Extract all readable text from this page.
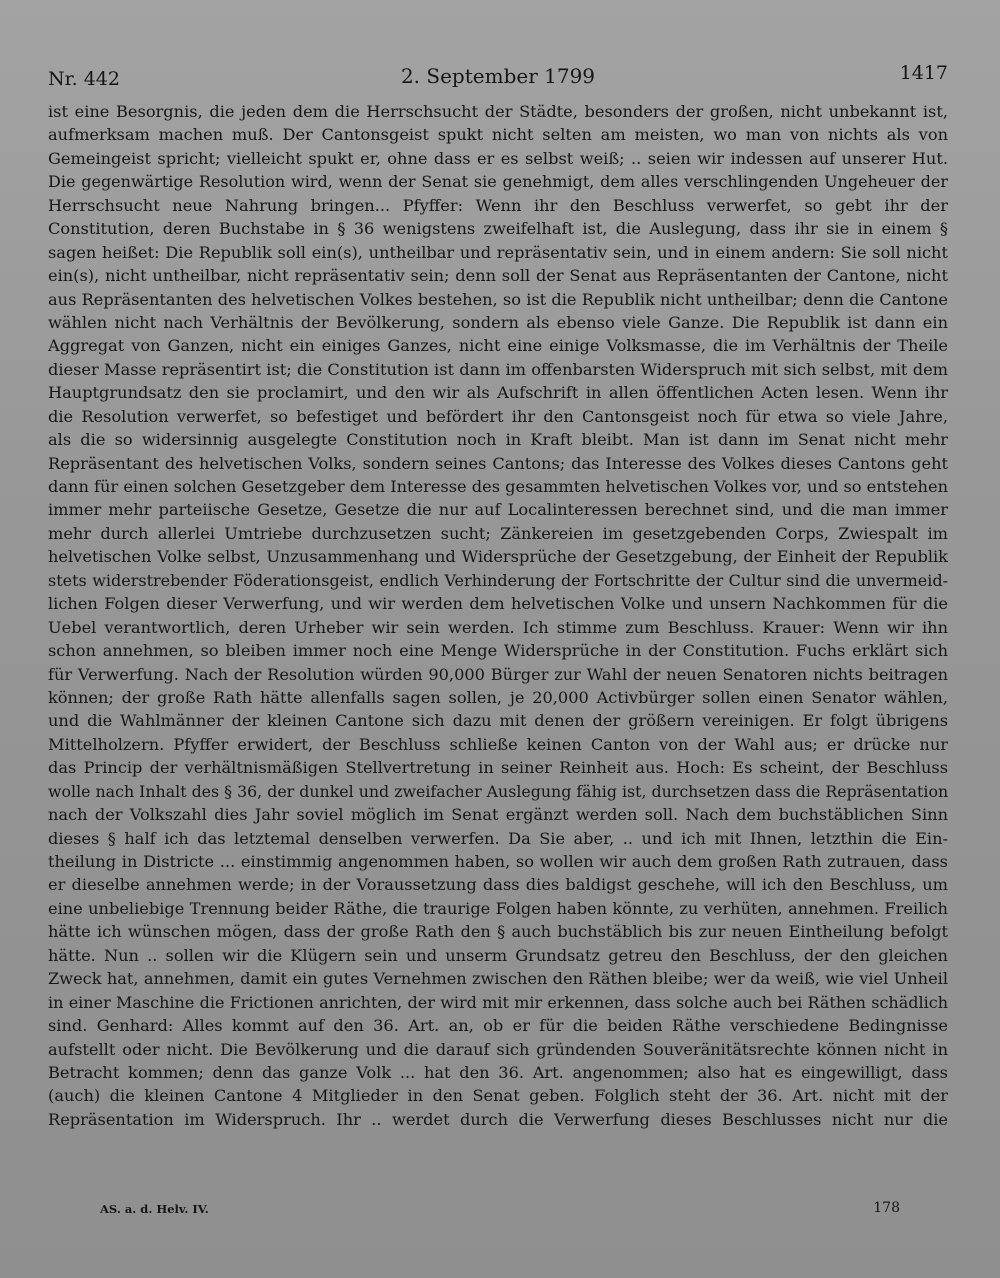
Nr. 442	2. September 1799	1417
ist eine Besorgnis, die jeden dem die Herrschsucht der Städte, besonders der großen, nicht unbekannt ist,
aufmerksam machen muß. Der Cantonsgeist spukt nicht selten am meisten, wo man von nichts als von
Gemeingeist spricht; vielleicht spukt er, ohne dass er es selbst weiß; .. seien wir indessen auf unserer Hut.
Die gegenwärtige Resolution wird, wenn der Senat sie genehmigt, dem alles verschlingenden Ungeheuer der
Herrschsucht neue Nahrung bringen... Pfyffer: Wenn ihr den Beschluss verwerfet, so gebt ihr der
Constitution, deren Buchstabe in § 36 wenigstens zweifelhaft ist, die Auslegung, dass ihr sie in einem §
sagen heißet: Die Republik soll ein(s), untheilbar und repräsentativ sein, und in einem andern: Sie soll nicht
ein(s), nicht untheilbar, nicht repräsentativ sein; denn soll der Senat aus Repräsentanten der Cantone, nicht
aus Repräsentanten des helvetischen Volkes bestehen, so ist die Republik nicht untheilbar; denn die Cantone
wählen nicht nach Verhältnis der Bevölkerung, sondern als ebenso viele Ganze. Die Republik ist dann ein
Aggregat von Ganzen, nicht ein einiges Ganzes, nicht eine einige Volksmasse, die im Verhältnis der Theile
dieser Masse repräsentirt ist; die Constitution ist dann im offenbarsten Widerspruch mit sich selbst, mit dem
Hauptgrundsatz den sie proclamirt, und den wir als Aufschrift in allen öffentlichen Acten lesen. Wenn ihr
die Resolution verwerfet, so befestiget und befördert ihr den Cantonsgeist noch für etwa so viele Jahre,
als die so widersinnig ausgelegte Constitution noch in Kraft bleibt. Man ist dann im Senat nicht mehr
Repräsentant des helvetischen Volks, sondern seines Cantons; das Interesse des Volkes dieses Cantons geht
dann für einen solchen Gesetzgeber dem Interesse des gesammten helvetischen Volkes vor, und so entstehen
immer mehr parteiische Gesetze, Gesetze die nur auf Localinteressen berechnet sind, und die man immer
mehr durch allerlei Umtriebe durchzusetzen sucht; Zänkereien im gesetzgebenden Corps, Zwiespalt im
helvetischen Volke selbst, Unzusammenhang und Widersprüche der Gesetzgebung, der Einheit der Republik
stets widerstrebender Föderationsgeist, endlich Verhinderung der Fortschritte der Cultur sind die unvermeid-
lichen Folgen dieser Verwerfung, und wir werden dem helvetischen Volke und unsern Nachkommen für die
Uebel verantwortlich, deren Urheber wir sein werden. Ich stimme zum Beschluss. Krauer: Wenn wir ihn
schon annehmen, so bleiben immer noch eine Menge Widersprüche in der Constitution. Fuchs erklärt sich
für Verwerfung. Nach der Resolution würden 90,000 Bürger zur Wahl der neuen Senatoren nichts beitragen
können; der große Rath hätte allenfalls sagen sollen, je 20,000 Activbürger sollen einen Senator wählen,
und die Wahlmänner der kleinen Cantone sich dazu mit denen der größern vereinigen. Er folgt übrigens
Mittelholzern. Pfyffer erwidert, der Beschluss schließe keinen Canton von der Wahl aus; er drücke nur
das Princip der verhältnismäßigen Stellvertretung in seiner Reinheit aus. Hoch: Es scheint, der Beschluss
wolle nach Inhalt des § 36, der dunkel und zweifacher Auslegung fähig ist, durchsetzen dass die Repräsentation
nach der Volkszahl dies Jahr soviel möglich im Senat ergänzt werden soll. Nach dem buchstäblichen Sinn
dieses § half ich das letztemal denselben verwerfen. Da Sie aber, .. und ich mit Ihnen, letzthin die Ein-
theilung in Districte ... einstimmig angenommen haben, so wollen wir auch dem großen Rath zutrauen, dass
er dieselbe annehmen werde; in der Voraussetzung dass dies baldigst geschehe, will ich den Beschluss, um
eine unbeliebige Trennung beider Räthe, die traurige Folgen haben könnte, zu verhüten, annehmen. Freilich
hätte ich wünschen mögen, dass der große Rath den § auch buchstäblich bis zur neuen Eintheilung befolgt
hätte. Nun .. sollen wir die Klügern sein und unserm Grundsatz getreu den Beschluss, der den gleichen
Zweck hat, annehmen, damit ein gutes Vernehmen zwischen den Räthen bleibe; wer da weiß, wie viel Unheil
in einer Maschine die Frictionen anrichten, der wird mit mir erkennen, dass solche auch bei Räthen schädlich
sind. Genhard: Alles kommt auf den 36. Art. an, ob er für die beiden Räthe verschiedene Bedingnisse
aufstellt oder nicht. Die Bevölkerung und die darauf sich gründenden Souveränitätsrechte können nicht in
Betracht kommen; denn das ganze Volk ... hat den 36. Art. angenommen; also hat es eingewilligt, dass
(auch) die kleinen Cantone 4 Mitglieder in den Senat geben. Folglich steht der 36. Art. nicht mit der
Repräsentation im Widerspruch. Ihr .. werdet durch die Verwerfung dieses Beschlusses nicht nur die
AS. a. d. Helv. IV.	178
